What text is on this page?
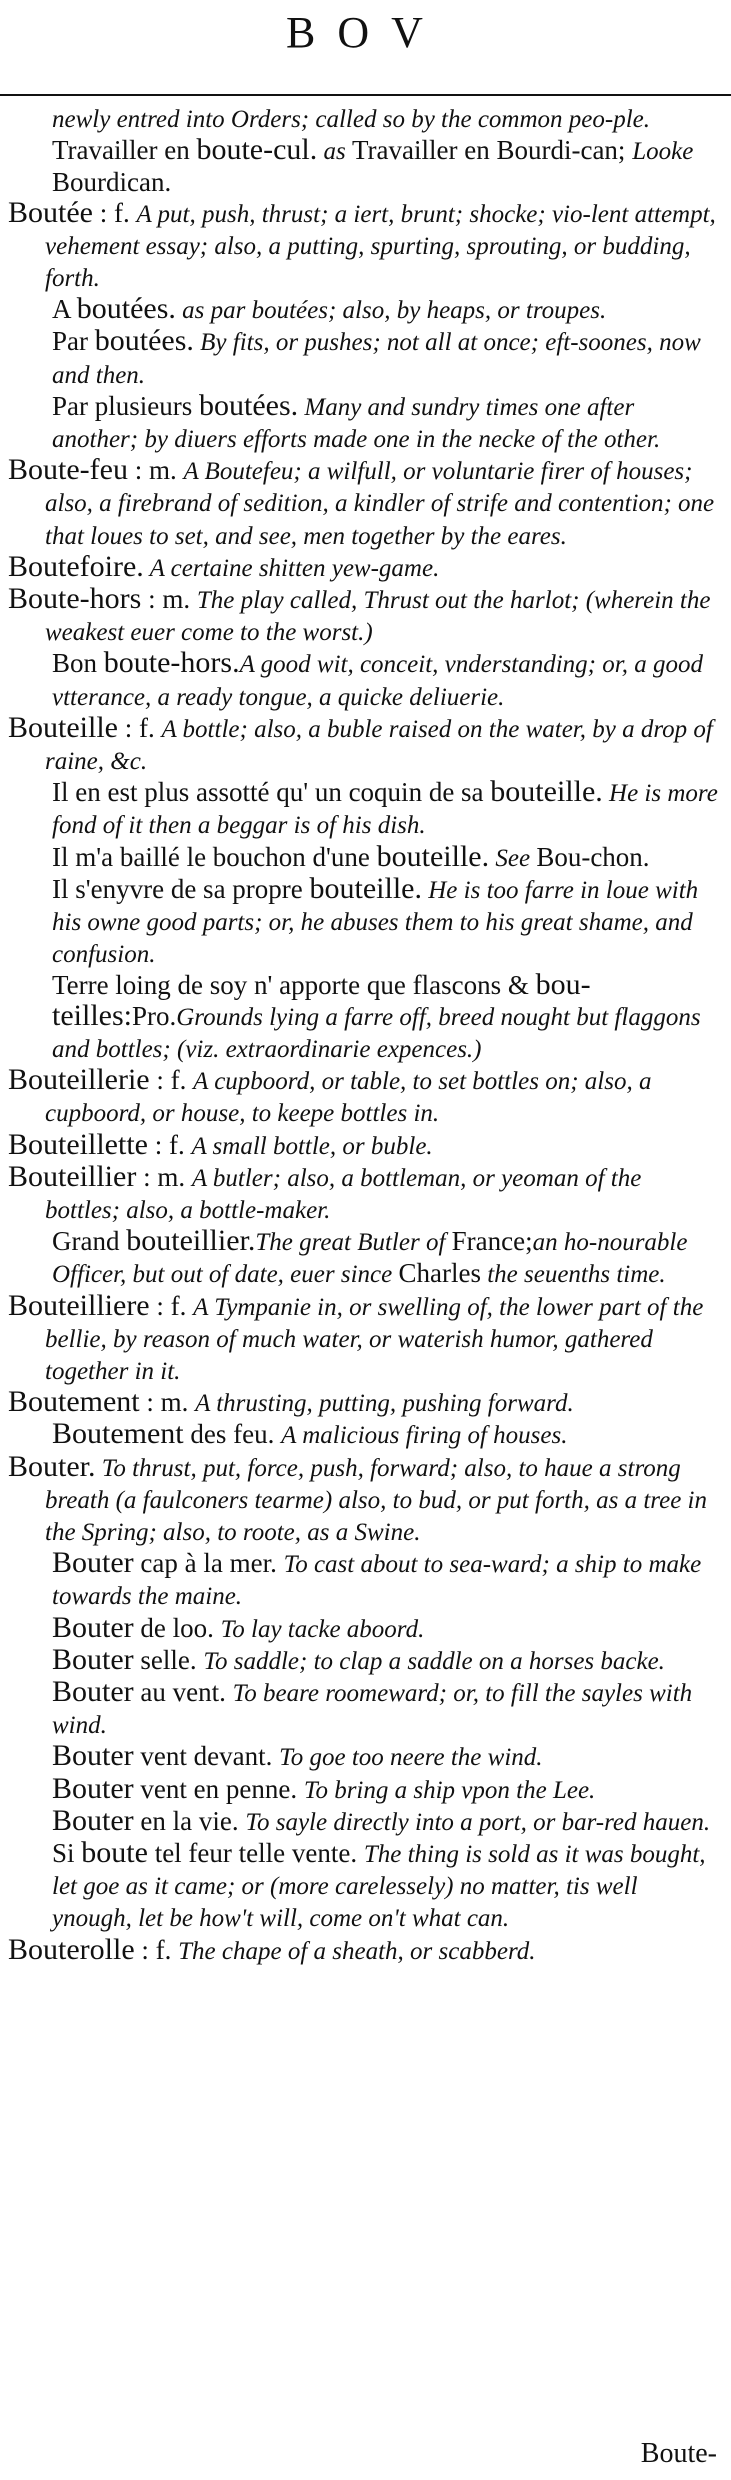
BOV

newly entred into Orders; called so by the common peo-ple.

Travailler en boute-cul. as Travailler en Bourdi-can; Looke Bourdican.

Boutée : f. A put, push, thrust; a iert, brunt; shocke; vio-lent attempt, vehement essay; also, a putting, spurting, sprouting, or budding, forth.

A boutées. as par boutées; also, by heaps, or troupes.

Par boutées. By fits, or pushes; not all at once; eft-soones, now and then.

Par plusieurs boutées. Many and sundry times one after another; by diuers efforts made one in the necke of the other.

Boute-feu : m. A Boutefeu; a wilfull, or voluntarie firer of houses; also, a firebrand of sedition, a kindler of strife and contention; one that loues to set, and see, men together by the eares.

Boutefoire. A certaine shitten yew-game.

Boute-hors : m. The play called, Thrust out the harlot; (wherein the weakest euer come to the worst.)

Bon boute-hors.A good wit, conceit, vnderstanding; or, a good vtterance, a ready tongue, a quicke deliuerie.

Bouteille : f. A bottle; also, a buble raised on the water, by a drop of raine, &c.

Il en est plus assotté qu' un coquin de sa bouteille. He is more fond of it then a beggar is of his dish.

Il m'a baillé le bouchon d'une bouteille. See Bou-chon.

Il s'enyvre de sa propre bouteille. He is too farre in loue with his owne good parts; or, he abuses them to his great shame, and confusion.

Terre loing de soy n' apporte que flascons & bou-teilles:Pro.Grounds lying a farre off, breed nought but flaggons and bottles; (viz. extraordinarie expences.)

Bouteillerie : f. A cupboord, or table, to set bottles on; also, a cupboord, or house, to keepe bottles in.

Bouteillette : f. A small bottle, or buble.

Bouteillier : m. A butler; also, a bottleman, or yeoman of the bottles; also, a bottle-maker.

Grand bouteillier.The great Butler of France;an ho-nourable Officer, but out of date, euer since Charles the seuenths time.

Bouteilliere : f. A Tympanie in, or swelling of, the lower part of the bellie, by reason of much water, or waterish humor, gathered together in it.

Boutement : m. A thrusting, putting, pushing forward.

Boutement des feu. A malicious firing of houses.

Bouter. To thrust, put, force, push, forward; also, to haue a strong breath (a faulconers tearme) also, to bud, or put forth, as a tree in the Spring; also, to roote, as a Swine.

Bouter cap à la mer. To cast about to sea-ward; a ship to make towards the maine.

Bouter de loo. To lay tacke aboord.

Bouter selle. To saddle; to clap a saddle on a horses backe.

Bouter au vent. To beare roomeward; or, to fill the sayles with wind.

Bouter vent devant. To goe too neere the wind.

Bouter vent en penne. To bring a ship vpon the Lee.

Bouter en la vie. To sayle directly into a port, or bar-red hauen.

Si boute tel feur telle vente. The thing is sold as it was bought, let goe as it came; or (more carelessely) no matter, tis well ynough, let be how't will, come on't what can.

Bouterolle : f. The chape of a sheath, or scabberd.

Boute-
